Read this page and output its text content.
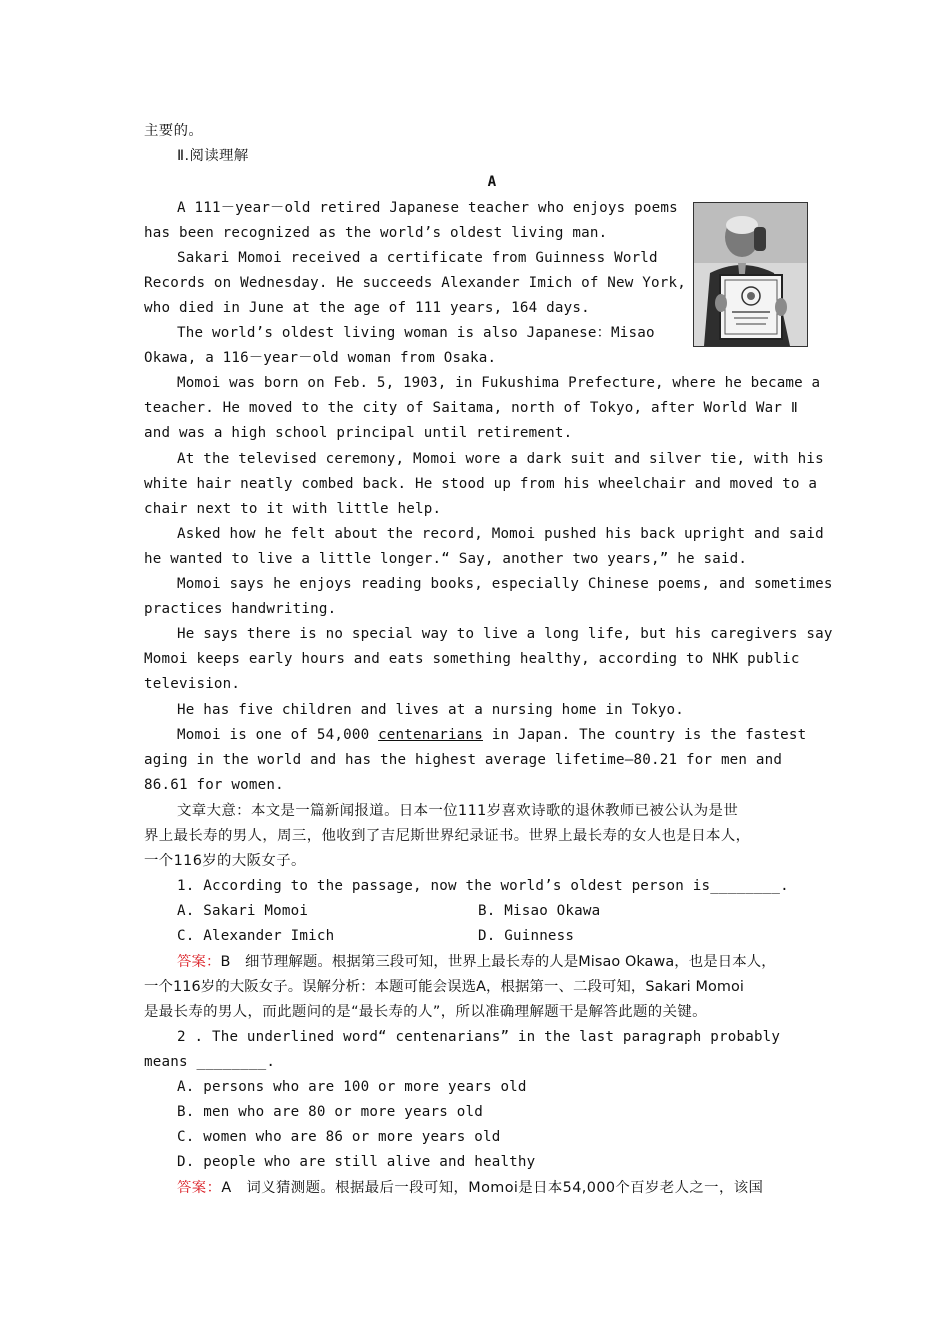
主要的。
Ⅱ.阅读理解
A
A 111－year－old retired Japanese teacher who enjoys poems
has been recognized as the world’s oldest living man.
Sakari Momoi received a certificate from Guinness World
Records on Wednesday. He succeeds Alexander Imich of New York,
who died in June at the age of 111 years, 164 days.
The world’s oldest living woman is also Japanese：Misao
Okawa, a 116－year－old woman from Osaka.
Momoi was born on Feb. 5, 1903, in Fukushima Prefecture, where he became a
teacher. He moved to the city of Saitama, north of Tokyo, after World War Ⅱ
and was a high school principal until retirement.
At the televised ceremony, Momoi wore a dark suit and silver tie, with his
white hair neatly combed back. He stood up from his wheelchair and moved to a
chair next to it with little help.
Asked how he felt about the record, Momoi pushed his back upright and said
he wanted to live a little longer.“ Say, another two years,” he said.
Momoi says he enjoys reading books, especially Chinese poems, and sometimes
practices handwriting.
He says there is no special way to live a long life, but his caregivers say
Momoi keeps early hours and eats something healthy, according to NHK public
television.
He has five children and lives at a nursing home in Tokyo.
Momoi is one of 54,000 centenarians in Japan. The country is the fastest
aging in the world and has the highest average lifetime—80.21 for men and
86.61 for women.
文章大意：本文是一篇新闻报道。日本一位111岁喜欢诗歌的退休教师已被公认为是世
界上最长寿的男人，周三，他收到了吉尼斯世界纪录证书。世界上最长寿的女人也是日本人，
一个116岁的大阪女子。
1. According to the passage, now the world’s oldest person is________.
A. Sakari Momoi	B. Misao Okawa
C. Alexander Imich	D. Guinness
答案：B　细节理解题。根据第三段可知，世界上最长寿的人是Misao Okawa，也是日本人，
一个116岁的大阪女子。误解分析：本题可能会误选A，根据第一、二段可知，Sakari Momoi
是最长寿的男人，而此题问的是“最长寿的人”，所以准确理解题干是解答此题的关键。
2 . The underlined word“ centenarians” in the last paragraph probably
means ________.
A. persons who are 100 or more years old
B. men who are 80 or more years old
C. women who are 86 or more years old
D. people who are still alive and healthy
答案：A　词义猜测题。根据最后一段可知，Momoi是日本54,000个百岁老人之一，该国
